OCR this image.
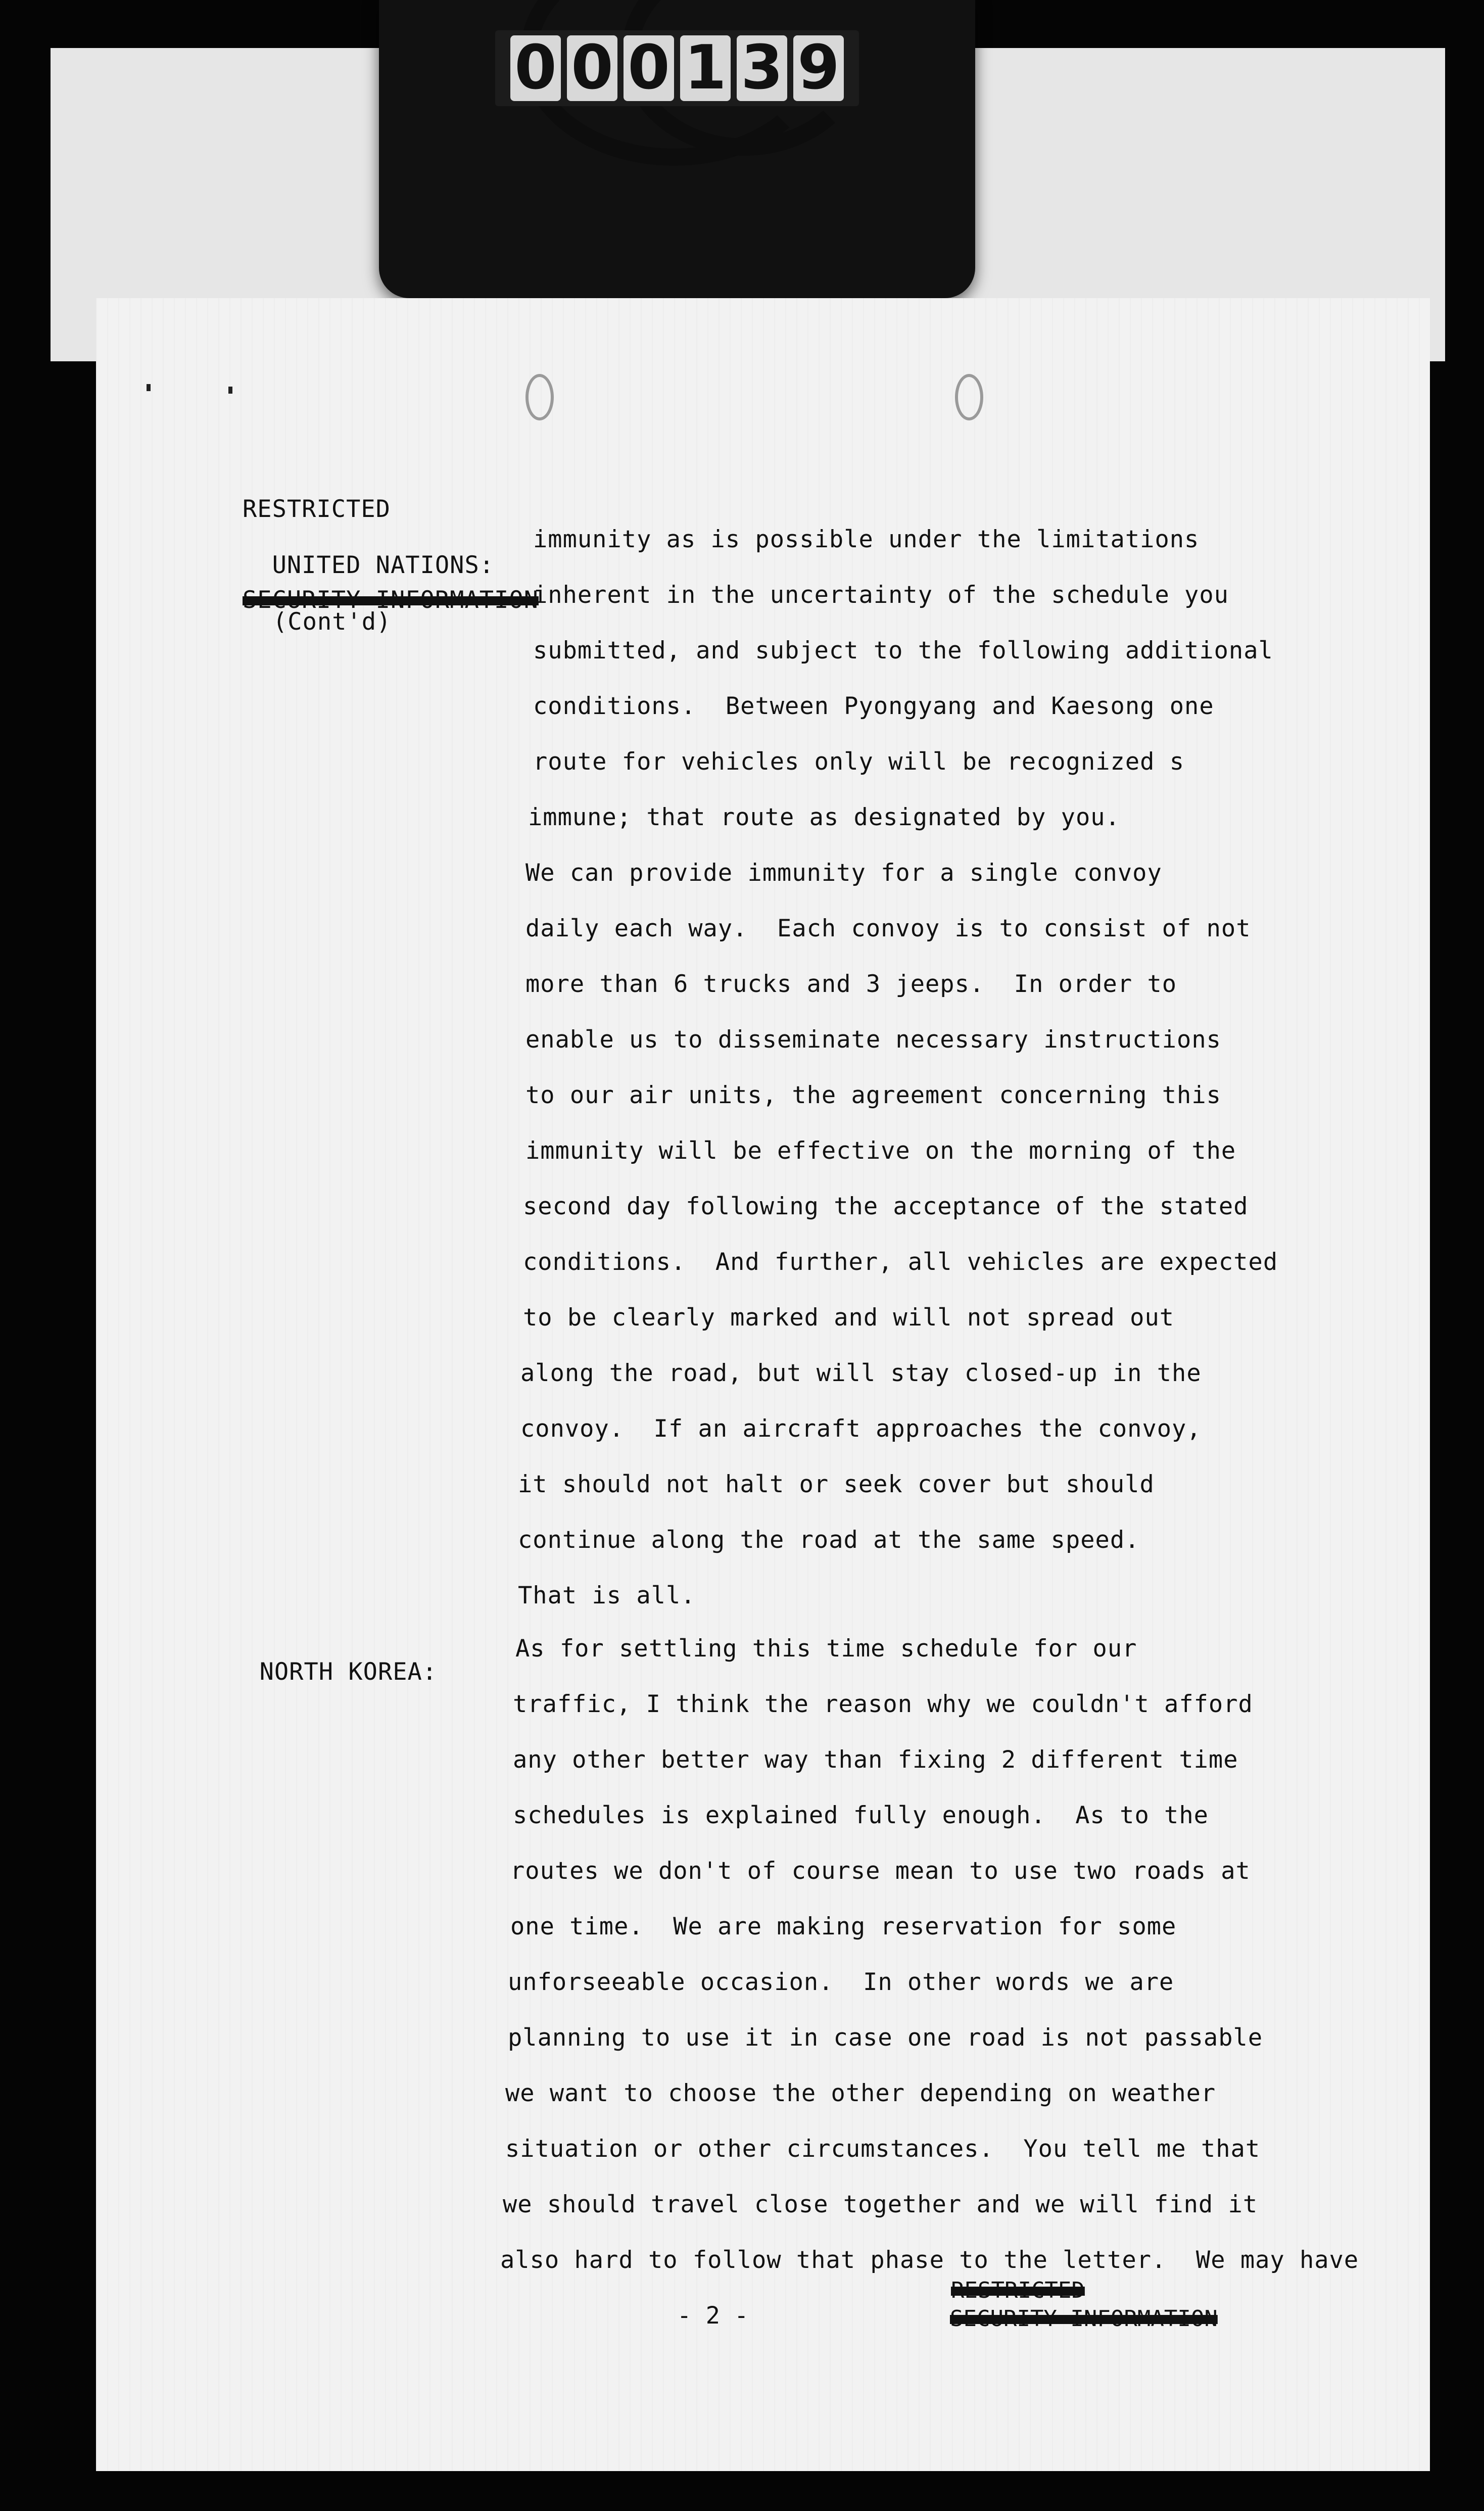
0 0 0 1 3 9

RESTRICTED

SECURITY INFORMATION

UNITED NATIONS:

(Cont'd)

NORTH KOREA:

immunity as is possible under the limitations
inherent in the uncertainty of the schedule you
submitted, and subject to the following additional
conditions.  Between Pyongyang and Kaesong one
route for vehicles only will be recognized s
immune; that route as designated by you.
We can provide immunity for a single convoy
daily each way.  Each convoy is to consist of not
more than 6 trucks and 3 jeeps.  In order to
enable us to disseminate necessary instructions
to our air units, the agreement concerning this
immunity will be effective on the morning of the
second day following the acceptance of the stated
conditions.  And further, all vehicles are expected
to be clearly marked and will not spread out
along the road, but will stay closed-up in the
convoy.  If an aircraft approaches the convoy,
it should not halt or seek cover but should
continue along the road at the same speed.
That is all.
As for settling this time schedule for our
traffic, I think the reason why we couldn't afford
any other better way than fixing 2 different time
schedules is explained fully enough.  As to the
routes we don't of course mean to use two roads at
one time.  We are making reservation for some
unforseeable occasion.  In other words we are
planning to use it in case one road is not passable
we want to choose the other depending on weather
situation or other circumstances.  You tell me that
we should travel close together and we will find it
also hard to follow that phase to the letter.  We may have
- 2 -
RESTRICTED
SECURITY INFORMATION
